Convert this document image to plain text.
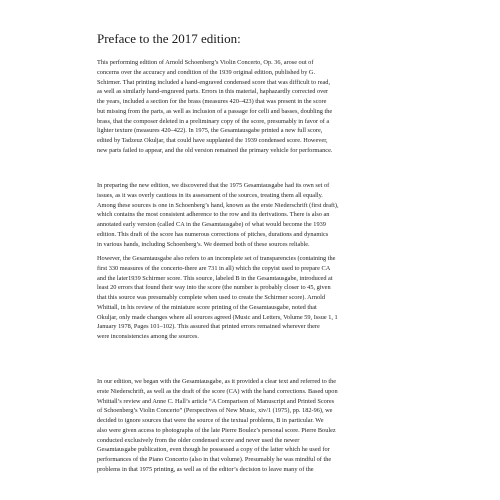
Preface to the 2017 edition:
This performing edition of Arnold Schoenberg’s Violin Concerto, Op. 36, arose out of
concerns over the accuracy and condition of the 1939 original edition, published by G.
Schirmer. That printing included a hand-engraved condensed score that was difficult to read,
as well as similarly hand-engraved parts. Errors in this material, haphazardly corrected over
the years, included a section for the brass (measures 420–423) that was present in the score
but missing from the parts, as well as inclusion of a passage for celli and basses, doubling the
brass, that the composer deleted in a preliminary copy of the score, presumably in favor of a
lighter texture (measures 420–422). In 1975, the Gesamtausgabe printed a new full score,
edited by Tadzeuz Okuljar, that could have supplanted the 1939 condensed score. However,
new parts failed to appear, and the old version remained the primary vehicle for performance.
In preparing the new edition, we discovered that the 1975 Gesamtausgabe had its own set of
issues, as it was overly cautious in its assessment of the sources, treating them all equally.
Among these sources is one in Schoenberg’s hand, known as the erste Niederschrift (first draft),
which contains the most consistent adherence to the row and its derivations. There is also an
annotated early version (called CA in the Gesamtausgabe) of what would become the 1939
edition. This draft of the score has numerous corrections of pitches, durations and dynamics
in various hands, including Schoenberg’s. We deemed both of these sources reliable.
However, the Gesamtausgabe also refers to an incomplete set of transparencies (containing the
first 330 measures of the concerto-there are 731 in all) which the copyist used to prepare CA
and the later1939 Schirmer score. This source, labeled B in the Gesamtausgabe, introduced at
least 20 errors that found their way into the score (the number is probably closer to 45, given
that this source was presumably complete when used to create the Schirmer score). Arnold
Whittall, in his review of the miniature score printing of the Gesamtausgabe, noted that
Okuljar, only made changes where all sources agreed (Music and Letters, Volume 59, Issue 1, 1
January 1978, Pages 101–102). This assured that printed errors remained wherever there
were inconsistencies among the sources.
In our edition, we began with the Gesamtausgabe, as it provided a clear text and referred to the
erste Niederschrift, as well as the draft of the score (CA) with the hand corrections. Based upon
Whittall’s review and Anne C. Hall’s article “A Comparison of Manuscript and Printed Scores
of Schoenberg’s Violin Concerto” (Perspectives of New Music, xiv/1 (1975), pp. 182-96), we
decided to ignore sources that were the source of the textual problems, B in particular. We
also were given access to photographs of the late Pierre Boulez’s personal score. Pierre Boulez
conducted exclusively from the older condensed score and never used the newer
Gesamtausgabe publication, even though he possessed a copy of the latter which he used for
performances of the Piano Concerto (also in that volume). Presumably he was mindful of the
problems in that 1975 printing, as well as of the editor’s decision to leave many of the
